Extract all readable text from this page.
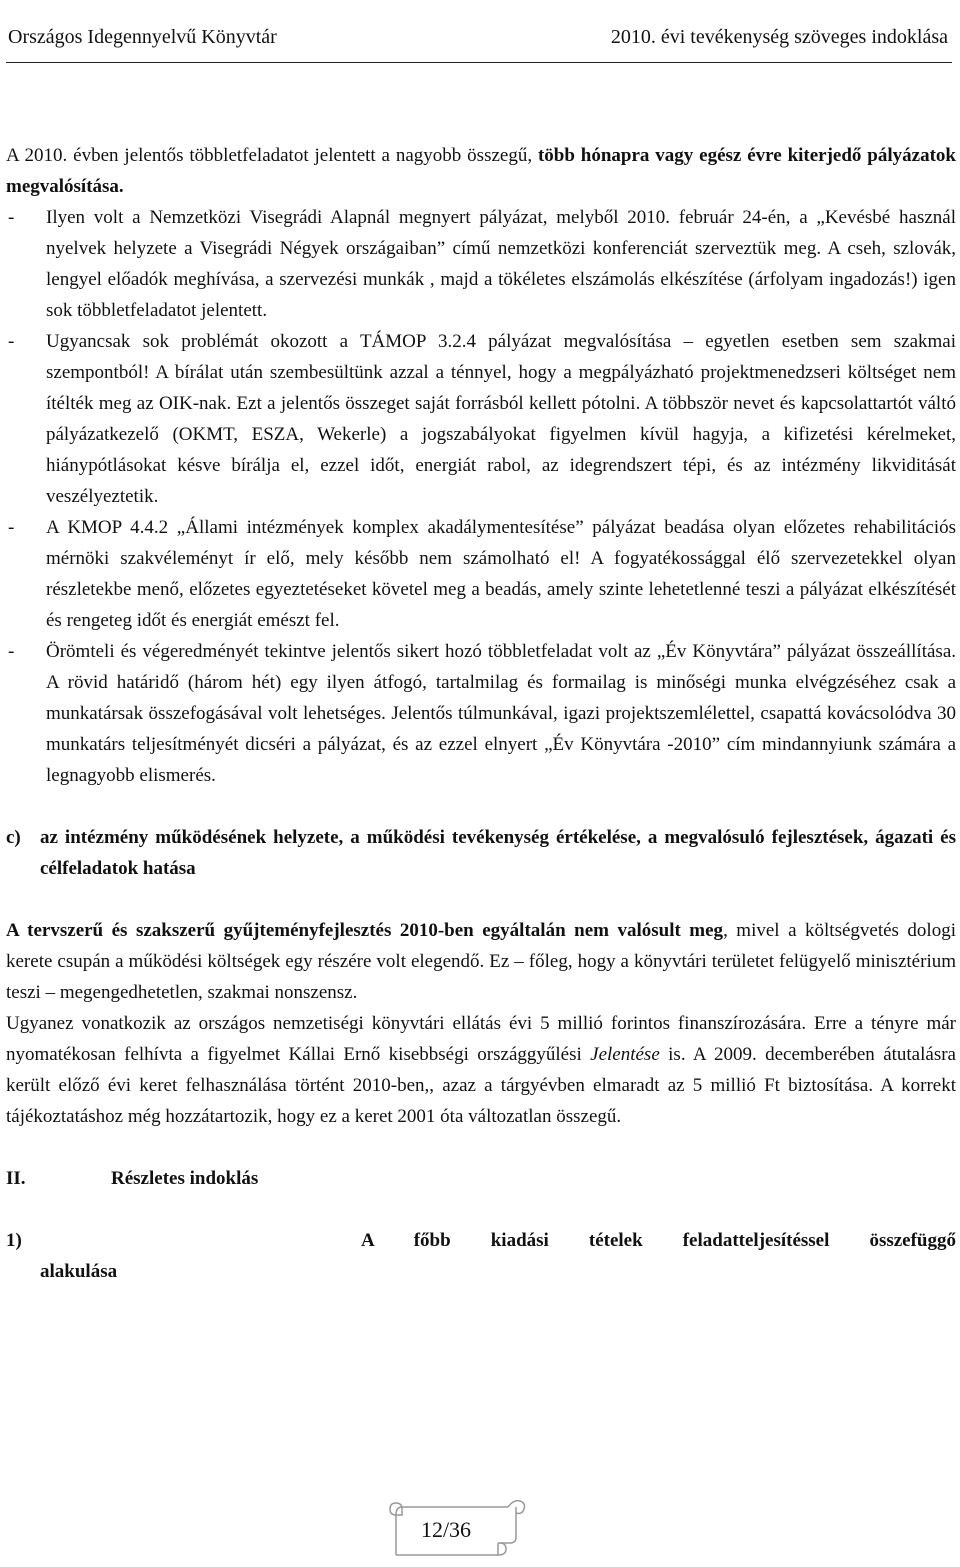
Országos Idegennyelvű Könyvtár	2010. évi tevékenység szöveges indoklása

A 2010. évben jelentős többletfeladatot jelentett a nagyobb összegű, több hónapra vagy egész évre kiterjedő pályázatok megvalósítása.

- Ilyen volt a Nemzetközi Visegrádi Alapnál megnyert pályázat, melyből 2010. február 24-én, a „Kevésbé használ nyelvek helyzete a Visegrádi Négyek országaiban” című nemzetközi konferenciát szerveztük meg. A cseh, szlovák, lengyel előadók meghívása, a szervezési munkák , majd a tökéletes elszámolás elkészítése (árfolyam ingadozás!) igen sok többletfeladatot jelentett.

- Ugyancsak sok problémát okozott a TÁMOP 3.2.4 pályázat megvalósítása – egyetlen esetben sem szakmai szempontból! A bírálat után szembesültünk azzal a ténnyel, hogy a megpályázható projektmenedzseri költséget nem ítélték meg az OIK-nak. Ezt a jelentős összeget saját forrásból kellett pótolni. A többször nevet és kapcsolattartót váltó pályázatkezelő (OKMT, ESZA, Wekerle) a jogszabályokat figyelmen kívül hagyja, a kifizetési kérelmeket, hiánypótlásokat késve bírálja el, ezzel időt, energiát rabol, az idegrendszert tépi, és az intézmény likviditását veszélyeztetik.

- A KMOP 4.4.2 „Állami intézmények komplex akadálymentesítése” pályázat beadása olyan előzetes rehabilitációs mérnöki szakvéleményt ír elő, mely később nem számolható el! A fogyatékossággal élő szervezetekkel olyan részletekbe menő, előzetes egyeztetéseket követel meg a beadás, amely szinte lehetetlenné teszi a pályázat elkészítését és rengeteg időt és energiát emészt fel.

- Örömteli és végeredményét tekintve jelentős sikert hozó többletfeladat volt az „Év Könyvtára” pályázat összeállítása. A rövid határidő (három hét) egy ilyen átfogó, tartalmilag és formailag is minőségi munka elvégzéséhez csak a munkatársak összefogásával volt lehetséges. Jelentős túlmunkával, igazi projektszemlélettel, csapattá kovácsolódva 30 munkatárs teljesítményét dicséri a pályázat, és az ezzel elnyert „Év Könyvtára -2010” cím mindannyiunk számára a legnagyobb elismerés.

c) az intézmény működésének helyzete, a működési tevékenység értékelése, a megvalósuló fejlesztések, ágazati és célfeladatok hatása

A tervszerű és szakszerű gyűjteményfejlesztés 2010-ben egyáltalán nem valósult meg, mivel a költségvetés dologi kerete csupán a működési költségek egy részére volt elegendő. Ez – főleg, hogy a könyvtári területet felügyelő minisztérium teszi – megengedhetetlen, szakmai nonszensz.

Ugyanez vonatkozik az országos nemzetiségi könyvtári ellátás évi 5 millió forintos finanszírozására. Erre a tényre már nyomatékosan felhívta a figyelmet Kállai Ernő kisebbségi országgyűlési Jelentése is. A 2009. decemberében átutalásra került előző évi keret felhasználása történt 2010-ben,, azaz a tárgyévben elmaradt az 5 millió Ft biztosítása. A korrekt tájékoztatáshoz még hozzátartozik, hogy ez a keret 2001 óta változatlan összegű.

II.	Részletes indoklás
1)	A főbb kiadási tételek feladatteljesítéssel összefüggő
alakulása
12/36
